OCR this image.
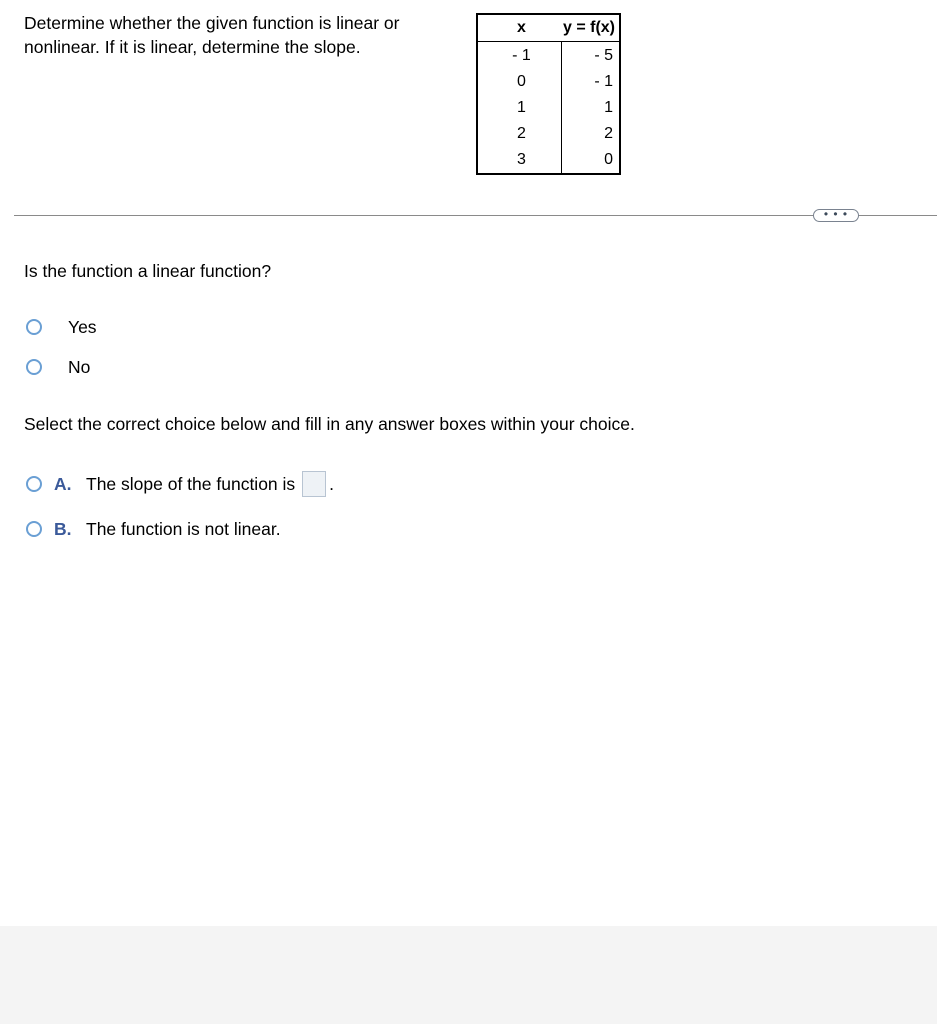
Determine whether the given function is linear or
nonlinear. If it is linear, determine the slope.
x
- 1
0
1
2
3
y = f(x)
- 5
- 1
1
2
0
• • •
Is the function a linear function?
Yes
No
Select the correct choice below and fill in any answer boxes within your choice.
A. The slope of the function is .
B. The function is not linear.
